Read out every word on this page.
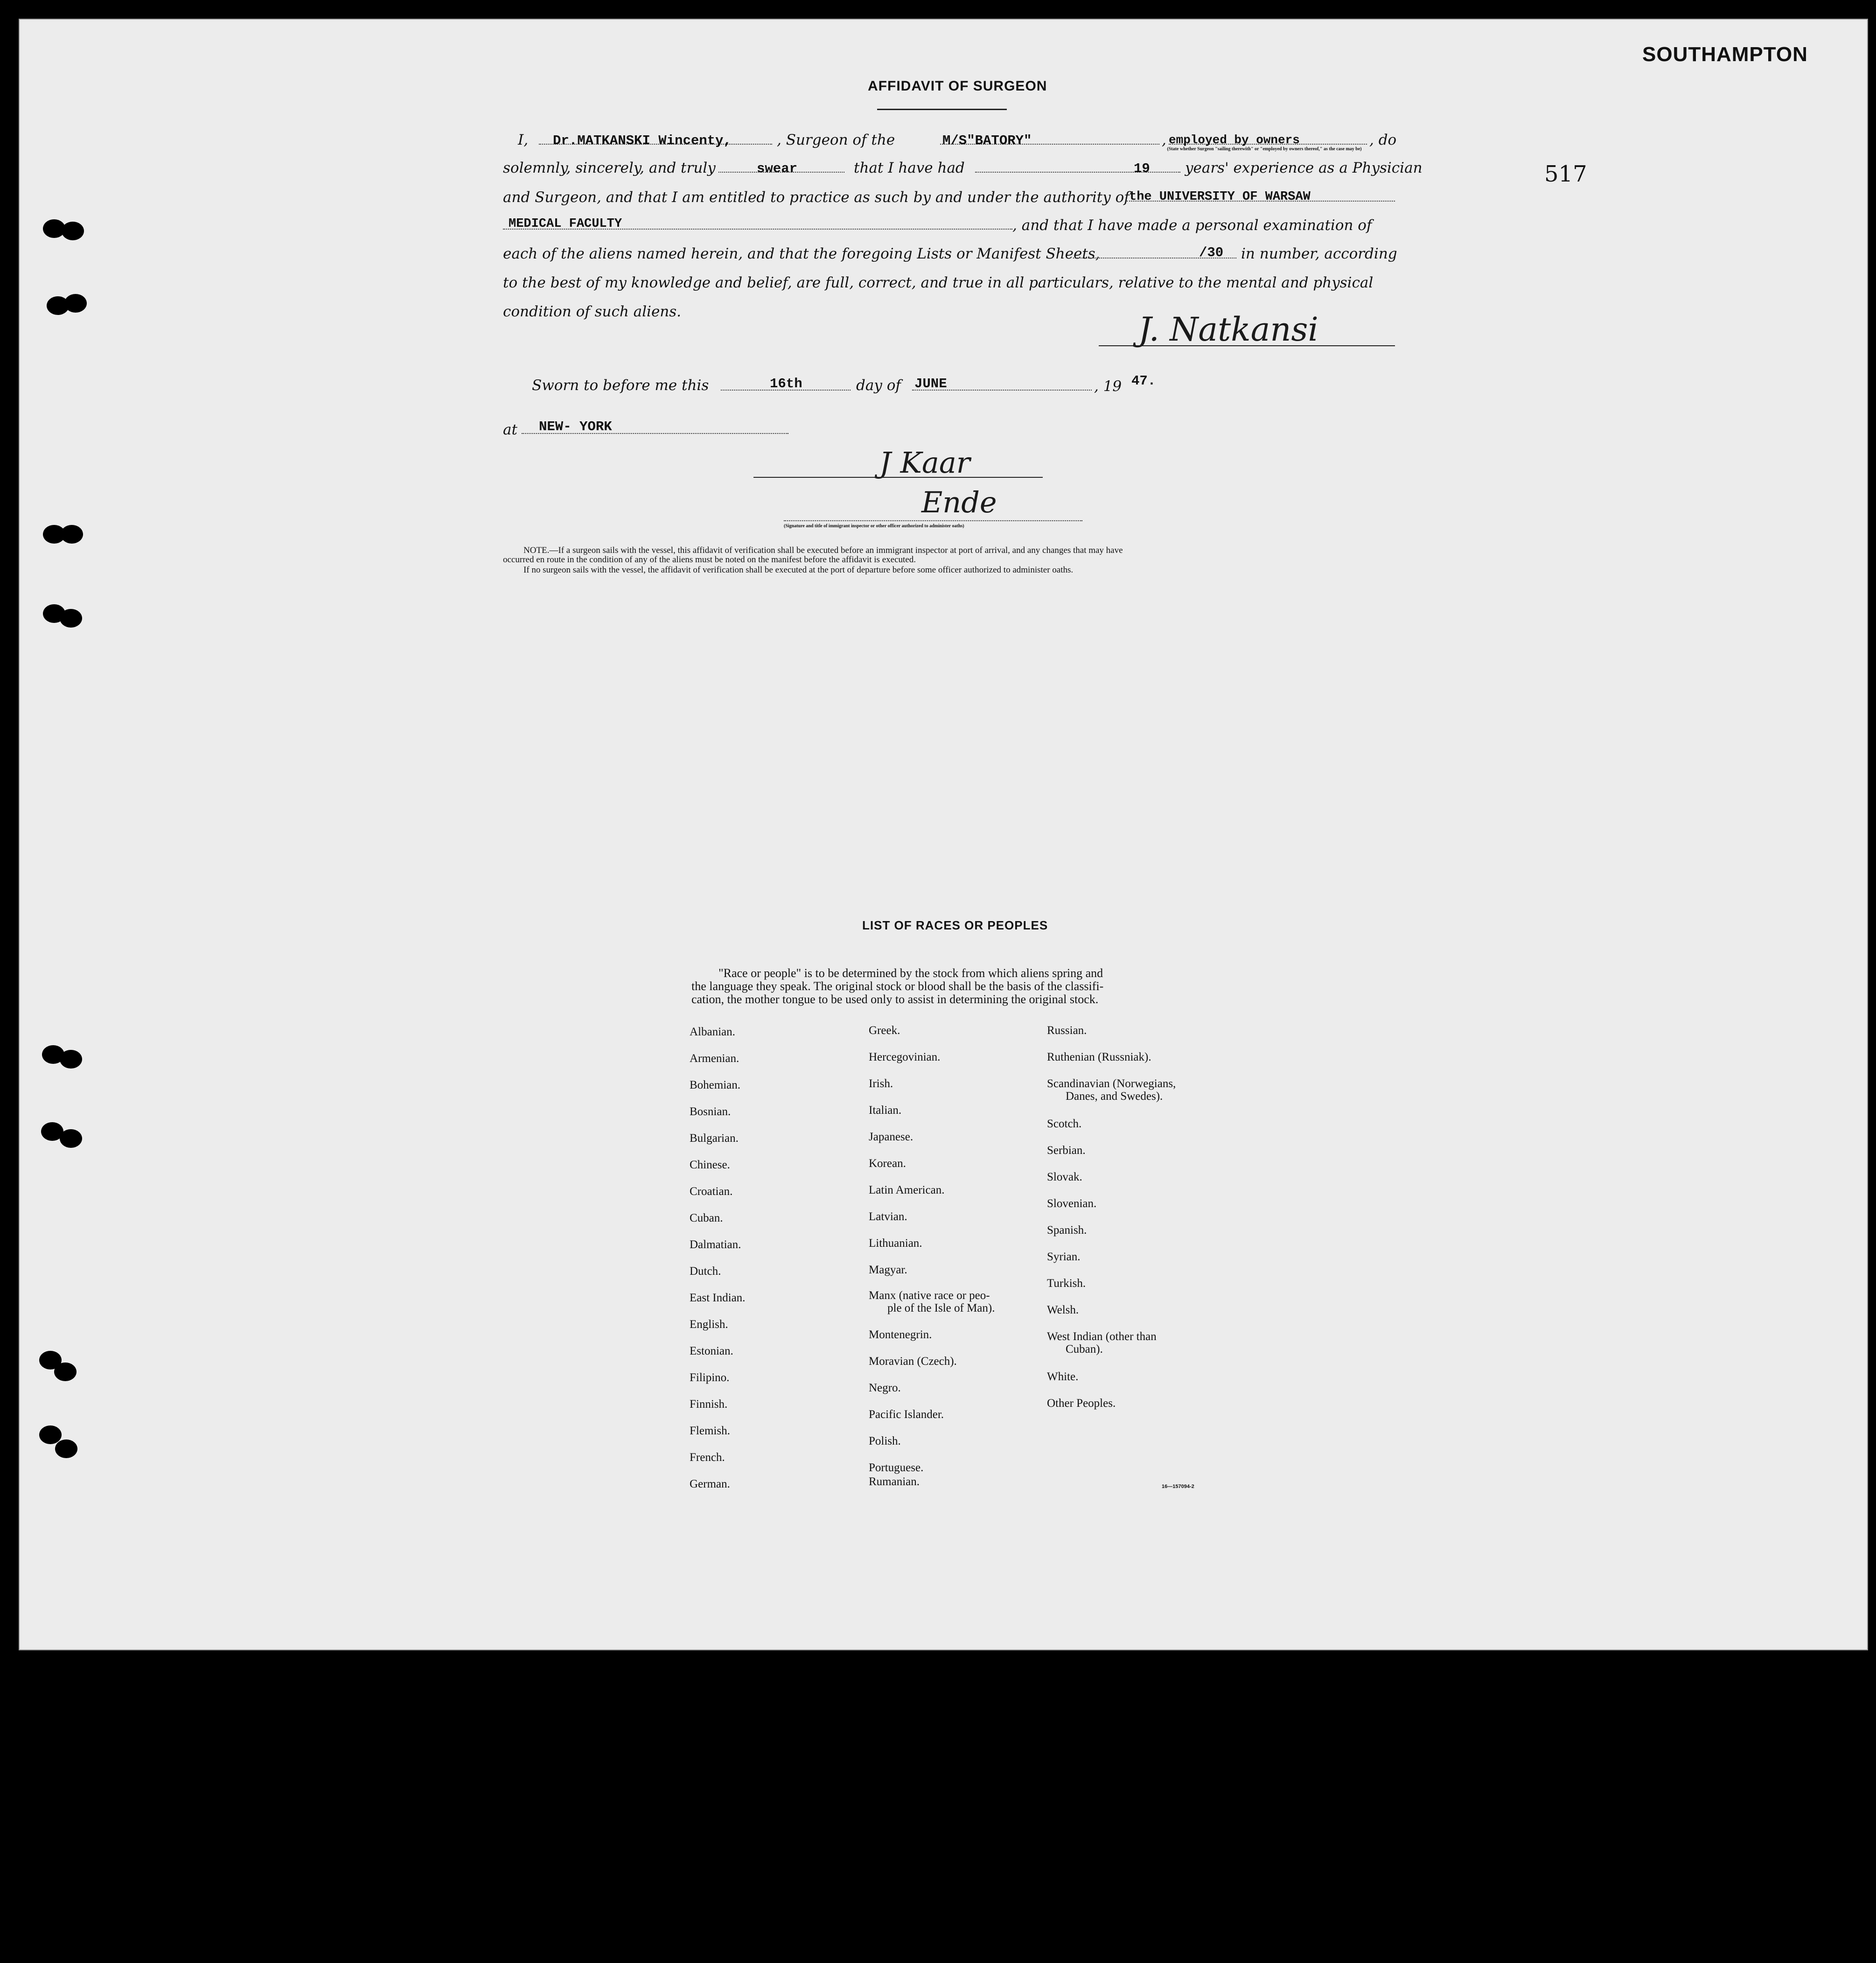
SOUTHAMPTON
517
AFFIDAVIT OF SURGEON
I, Dr.MATKANSKI Wincenty,	, Surgeon of the	M/S"BATORY"	, employed by owners	, do
(State whether Surgeon "sailing therewith" or "employed by owners thereof," as the case may be)
solemnly, sincerely, and truly	swear	that I have had	19 years' experience as a Physician
and Surgeon, and that I am entitled to practice as such by and under the authority of the UNIVERSITY OF WARSAW
MEDICAL FACULTY	, and that I have made a personal examination of
each of the aliens named herein, and that the foregoing Lists or Manifest Sheets,	/30 in number, according
to the best of my knowledge and belief, are full, correct, and true in all particulars, relative to the mental and physical
condition of such aliens.	J. Natkansi
Sworn to before me this	16th	day of JUNE	, 19 47.
at NEW- YORK
J Kaar
Ende
(Signature and title of immigrant inspector or other officer authorized to administer oaths)
NOTE.—If a surgeon sails with the vessel, this affidavit of verification shall be executed before an immigrant inspector at port of arrival, and any changes that may have
occurred en route in the condition of any of the aliens must be noted on the manifest before the affidavit is executed.
If no surgeon sails with the vessel, the affidavit of verification shall be executed at the port of departure before some officer authorized to administer oaths.
LIST OF RACES OR PEOPLES
"Race or people" is to be determined by the stock from which aliens spring and
the language they speak. The original stock or blood shall be the basis of the classifi-
cation, the mother tongue to be used only to assist in determining the original stock.
Albanian.
Armenian.
Bohemian.
Bosnian.
Bulgarian.
Chinese.
Croatian.
Cuban.
Dalmatian.
Dutch.
East Indian.
English.
Estonian.
Filipino.
Finnish.
Flemish.
French.
German.
Greek.
Hercegovinian.
Irish.
Italian.
Japanese.
Korean.
Latin American.
Latvian.
Lithuanian.
Magyar.
Manx (native race or peo-
ple of the Isle of Man).
Montenegrin.
Moravian (Czech).
Negro.
Pacific Islander.
Polish.
Portuguese.
Rumanian.
Russian.
Ruthenian (Russniak).
Scandinavian (Norwegians,
Danes, and Swedes).
Scotch.
Serbian.
Slovak.
Slovenian.
Spanish.
Syrian.
Turkish.
Welsh.
West Indian (other than
Cuban).
White.
Other Peoples.
16—157094-2
